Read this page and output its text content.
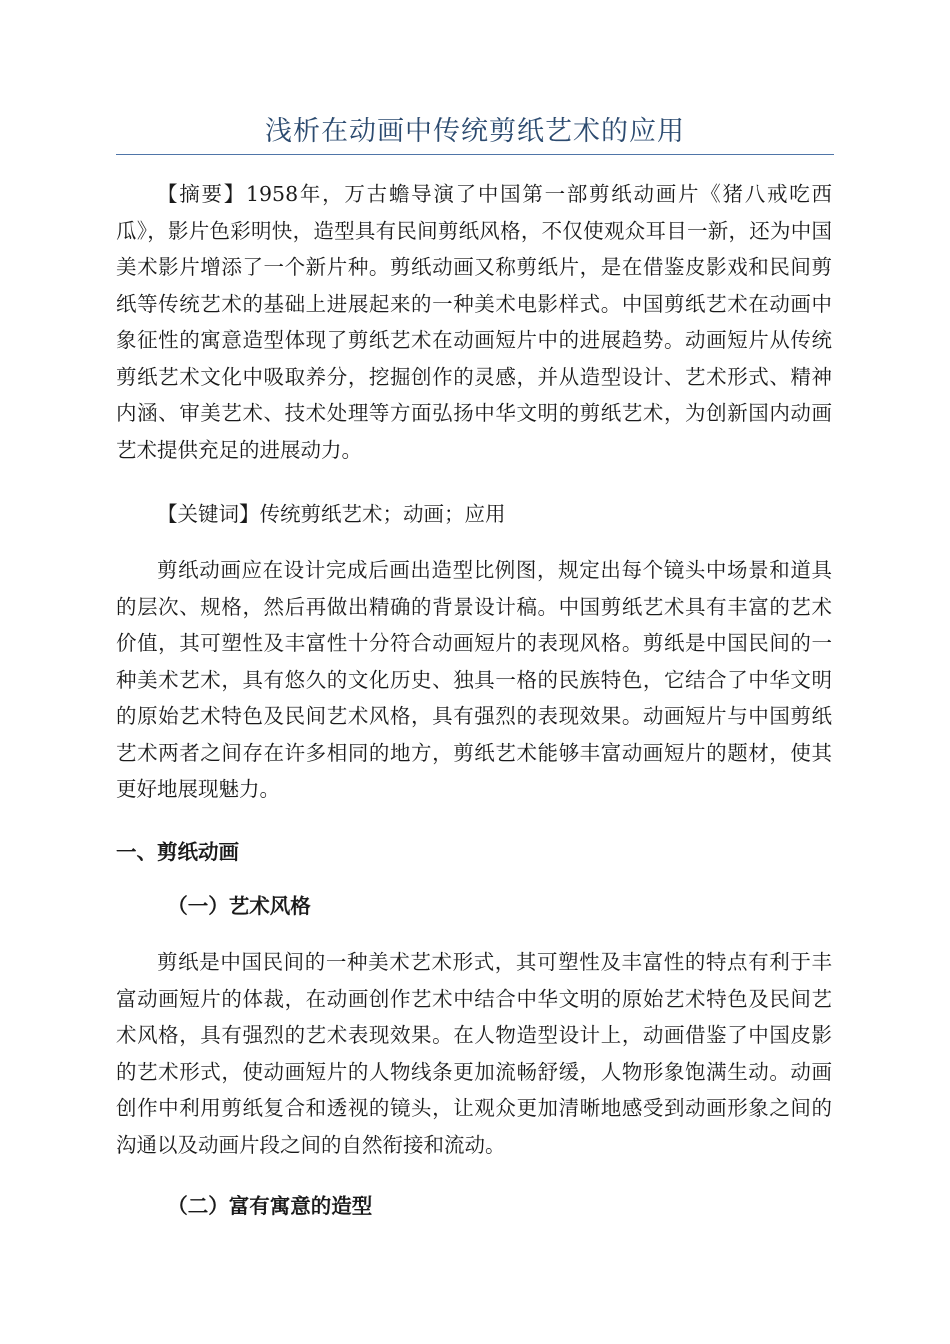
浅析在动画中传统剪纸艺术的应用

【摘要】1958年，万古蟾导演了中国第一部剪纸动画片《猪八戒吃西瓜》，影片色彩明快，造型具有民间剪纸风格，不仅使观众耳目一新，还为中国美术影片增添了一个新片种。剪纸动画又称剪纸片，是在借鉴皮影戏和民间剪纸等传统艺术的基础上进展起来的一种美术电影样式。中国剪纸艺术在动画中象征性的寓意造型体现了剪纸艺术在动画短片中的进展趋势。动画短片从传统剪纸艺术文化中吸取养分，挖掘创作的灵感，并从造型设计、艺术形式、精神内涵、审美艺术、技术处理等方面弘扬中华文明的剪纸艺术，为创新国内动画艺术提供充足的进展动力。

【关键词】传统剪纸艺术；动画；应用

剪纸动画应在设计完成后画出造型比例图，规定出每个镜头中场景和道具的层次、规格，然后再做出精确的背景设计稿。中国剪纸艺术具有丰富的艺术价值，其可塑性及丰富性十分符合动画短片的表现风格。剪纸是中国民间的一种美术艺术，具有悠久的文化历史、独具一格的民族特色，它结合了中华文明的原始艺术特色及民间艺术风格，具有强烈的表现效果。动画短片与中国剪纸艺术两者之间存在许多相同的地方，剪纸艺术能够丰富动画短片的题材，使其更好地展现魅力。

一、剪纸动画
（一）艺术风格

剪纸是中国民间的一种美术艺术形式，其可塑性及丰富性的特点有利于丰富动画短片的体裁，在动画创作艺术中结合中华文明的原始艺术特色及民间艺术风格，具有强烈的艺术表现效果。在人物造型设计上，动画借鉴了中国皮影的艺术形式，使动画短片的人物线条更加流畅舒缓，人物形象饱满生动。动画创作中利用剪纸复合和透视的镜头，让观众更加清晰地感受到动画形象之间的沟通以及动画片段之间的自然衔接和流动。

（二）富有寓意的造型
